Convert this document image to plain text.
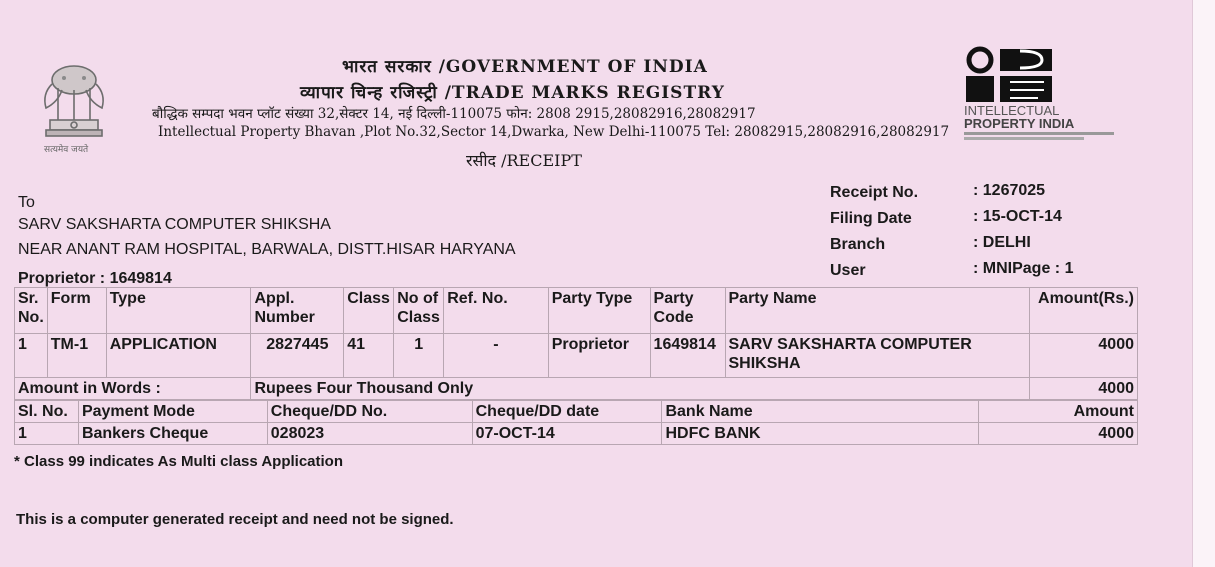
सत्यमेव जयते
INTELLECTUAL
PROPERTY INDIA
भारत सरकार /GOVERNMENT OF INDIA
व्यापार चिन्ह रजिस्ट्री /TRADE MARKS REGISTRY
बौद्धिक सम्पदा भवन प्लॉट संख्या 32,सेक्टर 14, नई दिल्ली-110075 फोन: 2808 2915,28082916,28082917
Intellectual Property Bhavan ,Plot No.32,Sector 14,Dwarka, New Delhi-110075 Tel: 28082915,28082916,28082917
रसीद /RECEIPT
To
SARV SAKSHARTA COMPUTER SHIKSHA
NEAR ANANT RAM HOSPITAL, BARWALA, DISTT.HISAR HARYANA
Proprietor : 1649814
Receipt No.	: 1267025
Filing Date	: 15-OCT-14
Branch	: DELHI
User	: MNIPage : 1
Sr. No.	Form	Type	Appl. Number	Class	No of Class	Ref. No.	Party Type	Party Code	Party Name	Amount(Rs.)
1	TM-1	APPLICATION	2827445	41	1	-	Proprietor	1649814	SARV SAKSHARTA COMPUTER SHIKSHA	4000
Amount in Words :			Rupees Four Thousand Only							4000
Sl. No.	Payment Mode	Cheque/DD No.	Cheque/DD date	Bank Name	Amount
1	Bankers Cheque	028023	07-OCT-14	HDFC BANK	4000
* Class 99 indicates As Multi class Application
This is a computer generated receipt and need not be signed.
